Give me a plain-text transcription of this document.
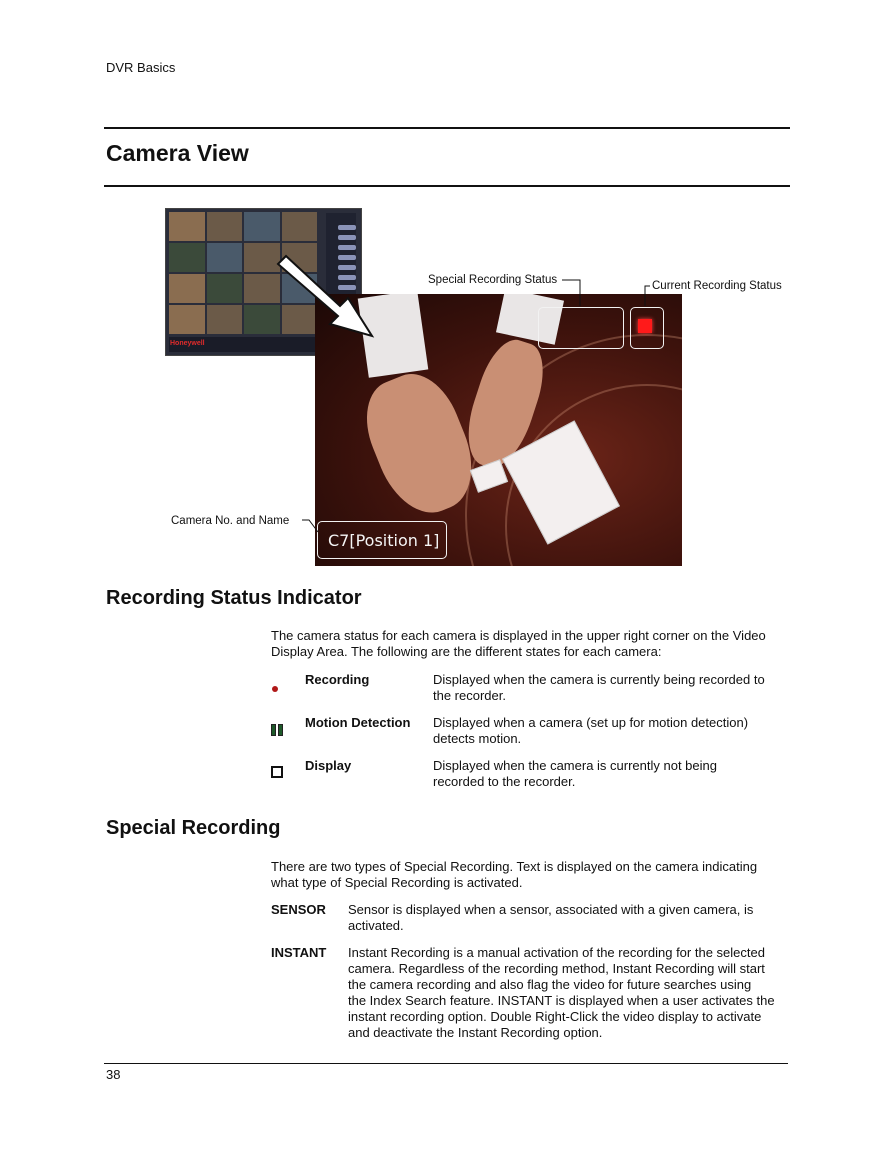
DVR Basics
Camera View
Honeywell
C7[Position 1]
Special Recording Status	Current Recording Status
Camera No. and Name
Recording Status Indicator
The camera status for each camera is displayed in the upper right corner on the Video
Display Area. The following are the different states for each camera:
Recording	Displayed when the camera is currently being recorded to
the recorder.
Motion Detection Displayed when a camera (set up for motion detection)
detects motion.
Display	Displayed when the camera is currently not being
recorded to the recorder.
Special Recording
There are two types of Special Recording. Text is displayed on the camera indicating
what type of Special Recording is activated.
SENSOR Sensor is displayed when a sensor, associated with a given camera, is
activated.
INSTANT Instant Recording is a manual activation of the recording for the selected
camera. Regardless of the recording method, Instant Recording will start
the camera recording and also flag the video for future searches using
the Index Search feature. INSTANT is displayed when a user activates the
instant recording option. Double Right-Click the video display to activate
and deactivate the Instant Recording option.
38
